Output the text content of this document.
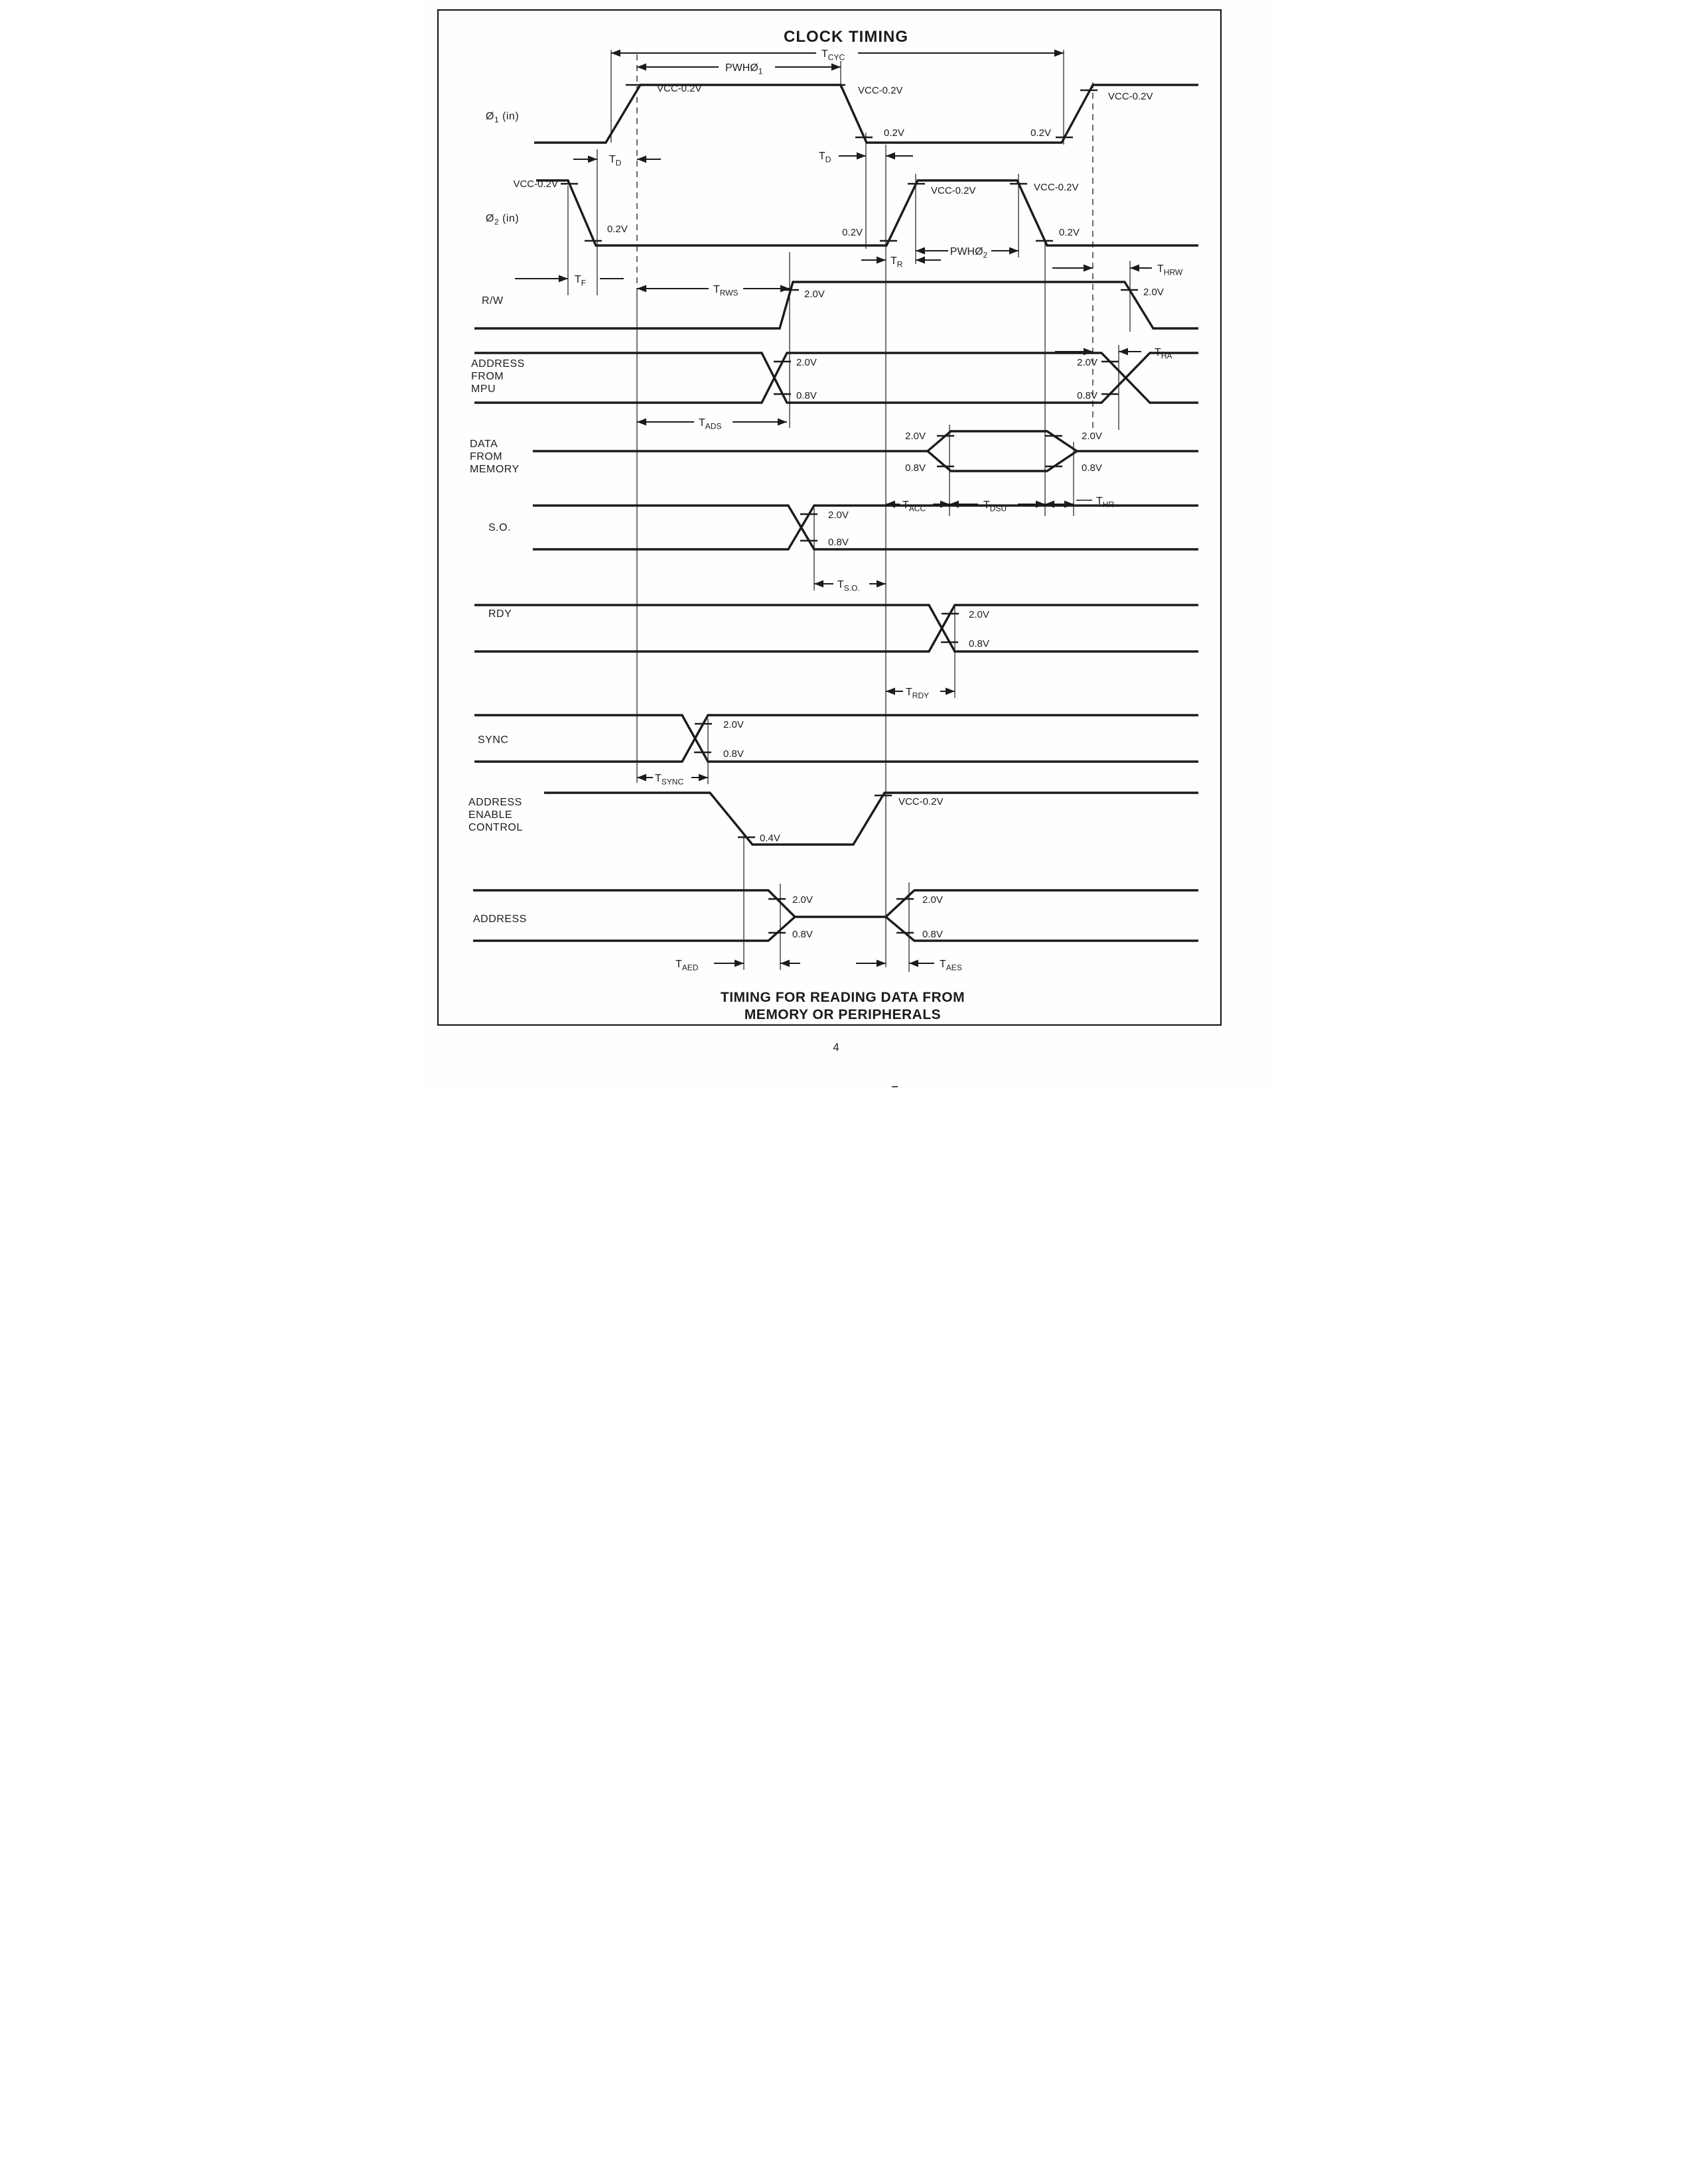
CLOCK TIMING
$Ø_1$ (in)
VCC-0.2V	VCC-0.2V
VCC-0.2V
0.2V	0.2V
$T_{CYC}$
$PWHØ_1$
$T_D$
$T_D$
$Ø_2$ (in)
VCC-0.2V
0.2V	0.2V
VCC-0.2V	VCC-0.2V
0.2V
$T_F$
$T_R$
$PWHØ_2$
R/W
2.0V	2.0V
$T_{RWS}$
$T_{HRW}$
$T_{HA}$
ADDRESS
FROM
MPU
2.0V
0.8V
2.0V
0.8V
$T_{ADS}$
DATA
FROM
MEMORY
2.0V
0.8V
2.0V
0.8V
$T_{ACC}$	$T_{DSU}$
$T_{HR}$
S.O.
2.0V
0.8V
$T_{S.O.}$
RDY	2.0V
0.8V
$T_{RDY}$
SYNC
2.0V
0.8V
$T_{SYNC}$
ADDRESS
ENABLE
CONTROL
0.4V
VCC-0.2V
ADDRESS
2.0V
0.8V
2.0V
0.8V
$T_{AED}$	$T_{AES}$
TIMING FOR READING DATA FROM
MEMORY OR PERIPHERALS
4
